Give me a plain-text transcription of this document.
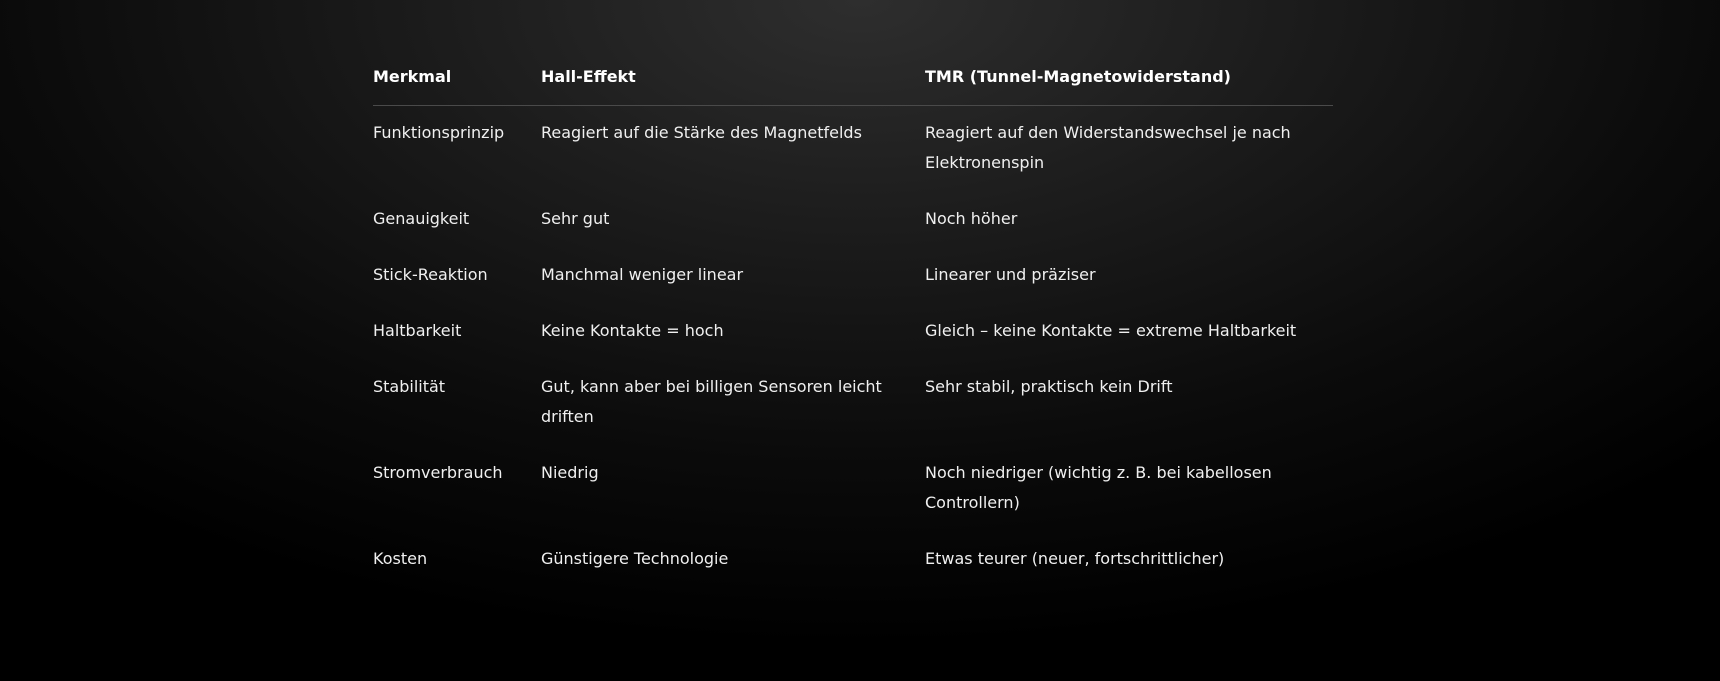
Merkmal	Hall-Effekt	TMR (Tunnel-Magnetowiderstand)
Funktionsprinzip	Reagiert auf die Stärke des Magnetfelds	Reagiert auf den Widerstandswechsel je nach Elektronenspin
Genauigkeit	Sehr gut	Noch höher
Stick-Reaktion	Manchmal weniger linear	Linearer und präziser
Haltbarkeit	Keine Kontakte = hoch	Gleich – keine Kontakte = extreme Haltbarkeit
Stabilität	Gut, kann aber bei billigen Sensoren leicht driften	Sehr stabil, praktisch kein Drift
Stromverbrauch	Niedrig	Noch niedriger (wichtig z. B. bei kabellosen Controllern)
Kosten	Günstigere Technologie	Etwas teurer (neuer, fortschrittlicher)
